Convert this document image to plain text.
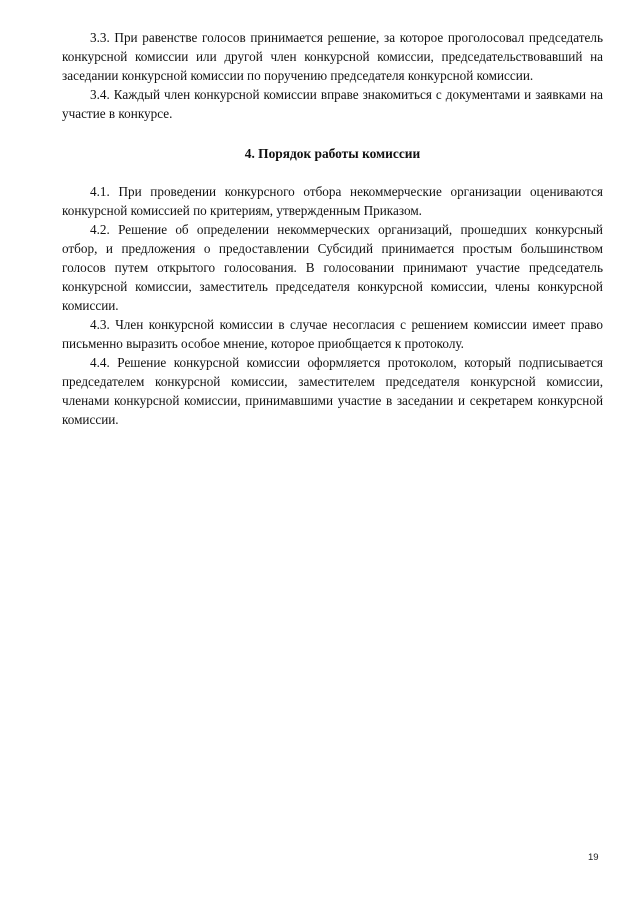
3.3. При равенстве голосов принимается решение, за которое проголосовал председатель конкурсной комиссии или другой член конкурсной комиссии, председательствовавший на заседании конкурсной комиссии по поручению председателя конкурсной комиссии.

3.4. Каждый член конкурсной комиссии вправе знакомиться с документами и заявками на участие в конкурсе.

4. Порядок работы комиссии

4.1. При проведении конкурсного отбора некоммерческие организации оцениваются конкурсной комиссией по критериям, утвержденным Приказом.

4.2. Решение об определении некоммерческих организаций, прошедших конкурсный отбор, и предложения о предоставлении Субсидий принимается простым большинством голосов путем открытого голосования. В голосовании принимают участие председатель конкурсной комиссии, заместитель председателя конкурсной комиссии, члены конкурсной комиссии.

4.3. Член конкурсной комиссии в случае несогласия с решением комиссии имеет право письменно выразить особое мнение, которое приобщается к протоколу.

4.4. Решение конкурсной комиссии оформляется протоколом, который подписывается председателем конкурсной комиссии, заместителем председателя конкурсной комиссии, членами конкурсной комиссии, принимавшими участие в заседании и секретарем конкурсной комиссии.

19
